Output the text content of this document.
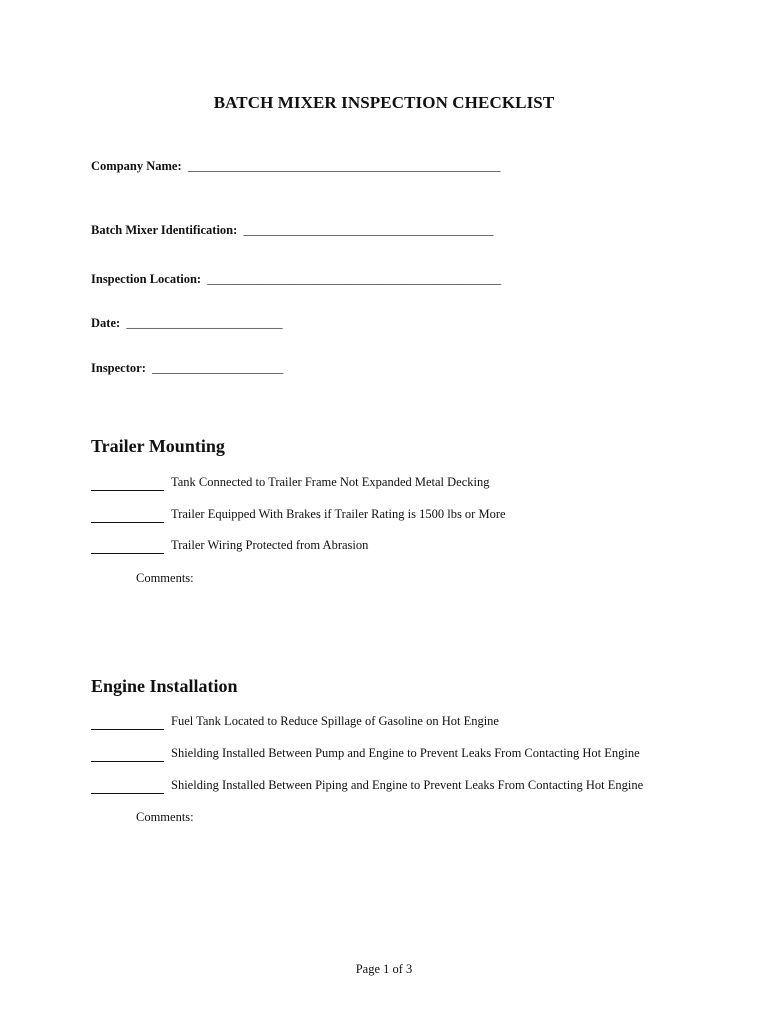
BATCH MIXER INSPECTION CHECKLIST
Company Name: __________________________________________________
Batch Mixer Identification: ________________________________________
Inspection Location: _______________________________________________
Date: _________________________
Inspector: _____________________
Trailer Mounting
Tank Connected to Trailer Frame Not Expanded Metal Decking
Trailer Equipped With Brakes if Trailer Rating is 1500 lbs or More
Trailer Wiring Protected from Abrasion
Comments:
Engine Installation
Fuel Tank Located to Reduce Spillage of Gasoline on Hot Engine
Shielding Installed Between Pump and Engine to Prevent Leaks From Contacting Hot Engine
Shielding Installed Between Piping and Engine to Prevent Leaks From Contacting Hot Engine
Comments:
Page 1 of 3
